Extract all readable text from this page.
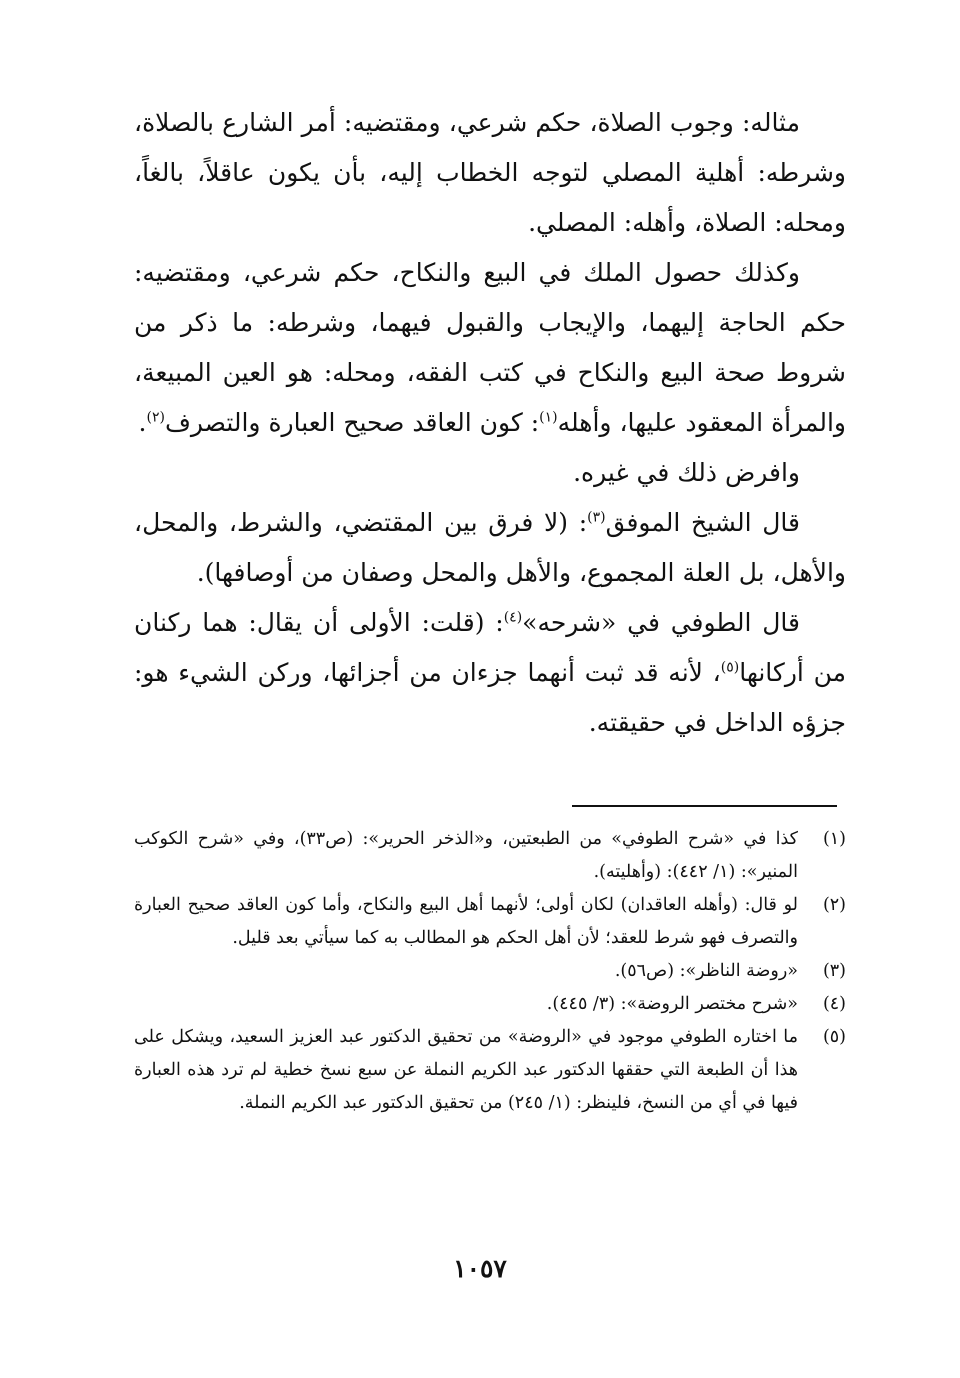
مثاله: وجوب الصلاة، حكم شرعي، ومقتضيه: أمر الشارع بالصلاة، وشرطه: أهلية المصلي لتوجه الخطاب إليه، بأن يكون عاقلاً، بالغاً، ومحله: الصلاة، وأهله: المصلي.

وكذلك حصول الملك في البيع والنكاح، حكم شرعي، ومقتضيه: حكم الحاجة إليهما، والإيجاب والقبول فيهما، وشرطه: ما ذكر من شروط صحة البيع والنكاح في كتب الفقه، ومحله: هو العين المبيعة، والمرأة المعقود عليها، وأهله$^{(١)}$: كون العاقد صحيح العبارة والتصرف$^{(٢)}$.

وافرض ذلك في غيره.

قال الشيخ الموفق$^{(٣)}$: (لا فرق بين المقتضي، والشرط، والمحل، والأهل، بل العلة المجموع، والأهل والمحل وصفان من أوصافها).

قال الطوفي في «شرحه»$^{(٤)}$: (قلت: الأولى أن يقال: هما ركنان من أركانها$^{(٥)}$، لأنه قد ثبت أنهما جزءان من أجزائها، وركن الشيء هو: جزؤه الداخل في حقيقته.

(١)
كذا في «شرح الطوفي» من الطبعتين، و«الذخر الحرير»: (ص٣٣)، وفي «شرح الكوكب المنير»: (١/ ٤٤٢): (وأهليته).
(٢)
لو قال: (وأهله العاقدان) لكان أولى؛ لأنهما أهل البيع والنكاح، وأما كون العاقد صحيح العبارة والتصرف فهو شرط للعقد؛ لأن أهل الحكم هو المطالب به كما سيأتي بعد قليل.
(٣)
«روضة الناظر»: (ص٥٦).
(٤)
«شرح مختصر الروضة»: (٣/ ٤٤٥).
(٥)
ما اختاره الطوفي موجود في «الروضة» من تحقيق الدكتور عبد العزيز السعيد، ويشكل على هذا أن الطبعة التي حققها الدكتور عبد الكريم النملة عن سبع نسخ خطية لم ترد هذه العبارة فيها في أي من النسخ، فلينظر: (١/ ٢٤٥) من تحقيق الدكتور عبد الكريم النملة.
١٠٥٧
